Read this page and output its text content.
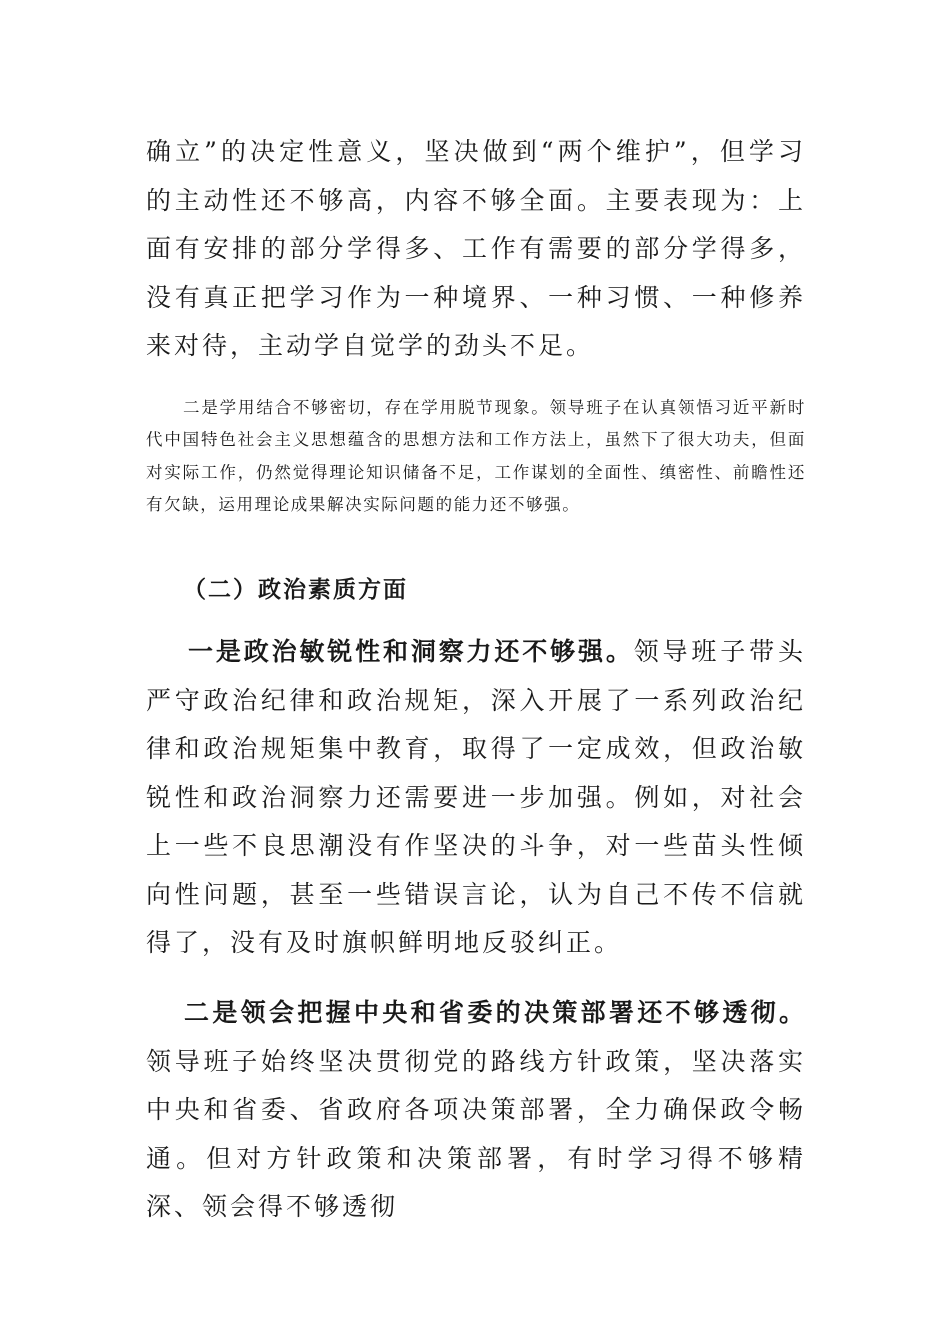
确立”的决定性意义，坚决做到“两个维护”，但学习的主动性还不够高，内容不够全面。主要表现为：上面有安排的部分学得多、工作有需要的部分学得多，没有真正把学习作为一种境界、一种习惯、一种修养来对待，主动学自觉学的劲头不足。

二是学用结合不够密切，存在学用脱节现象。领导班子在认真领悟习近平新时代中国特色社会主义思想蕴含的思想方法和工作方法上，虽然下了很大功夫，但面对实际工作，仍然觉得理论知识储备不足，工作谋划的全面性、缜密性、前瞻性还有欠缺，运用理论成果解决实际问题的能力还不够强。

（二）政治素质方面

一是政治敏锐性和洞察力还不够强。领导班子带头严守政治纪律和政治规矩，深入开展了一系列政治纪律和政治规矩集中教育，取得了一定成效，但政治敏锐性和政治洞察力还需要进一步加强。例如，对社会上一些不良思潮没有作坚决的斗争，对一些苗头性倾向性问题，甚至一些错误言论，认为自己不传不信就得了，没有及时旗帜鲜明地反驳纠正。

二是领会把握中央和省委的决策部署还不够透彻。领导班子始终坚决贯彻党的路线方针政策，坚决落实中央和省委、省政府各项决策部署，全力确保政令畅通。但对方针政策和决策部署，有时学习得不够精深、领会得不够透彻
